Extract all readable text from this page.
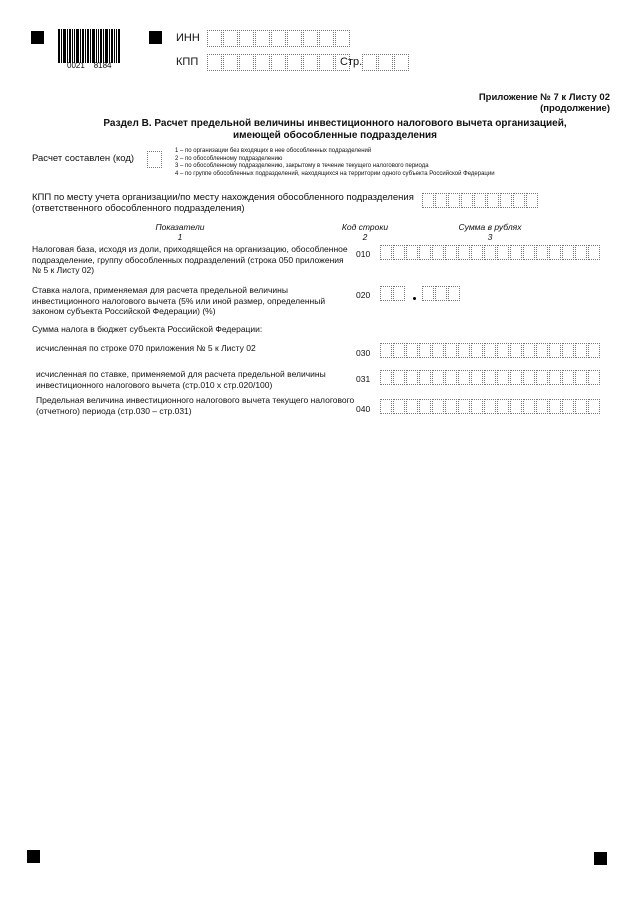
0021    8184
ИНН
КПП	Стр.
Приложение № 7 к Листу 02
(продолжение)
Раздел В. Расчет предельной величины инвестиционного налогового вычета организацией,
имеющей обособленные подразделения
Расчет составлен (код)
1 – по организации без входящих в нее обособленных подразделений
2 – по обособленному подразделению
3 – по обособленному подразделению, закрытому в течение текущего налогового периода
4 – по группе обособленных подразделений, находящихся на территории одного субъекта Российской Федерации
КПП по месту учета организации/по месту нахождения обособленного подразделения
(ответственного обособленного подразделения)
Показатели
1
Код строки
2
Сумма в рублях
3
Налоговая база, исходя из доли, приходящейся на организацию, обособленное подразделение, группу обособленных подразделений (строка 050 приложения № 5 к Листу 02)
010
Ставка налога, применяемая для расчета предельной величины инвестиционного налогового вычета (5% или иной размер, определенный законом субъекта Российской Федерации) (%)
020
Сумма налога в бюджет субъекта Российской Федерации:
исчисленная по строке 070 приложения № 5 к Листу 02	030
исчисленная по ставке, применяемой для расчета предельной величины инвестиционного налогового вычета (стр.010 х стр.020/100)
031
Предельная величина инвестиционного налогового вычета текущего налогового (отчетного) периода (стр.030 – стр.031)	040
